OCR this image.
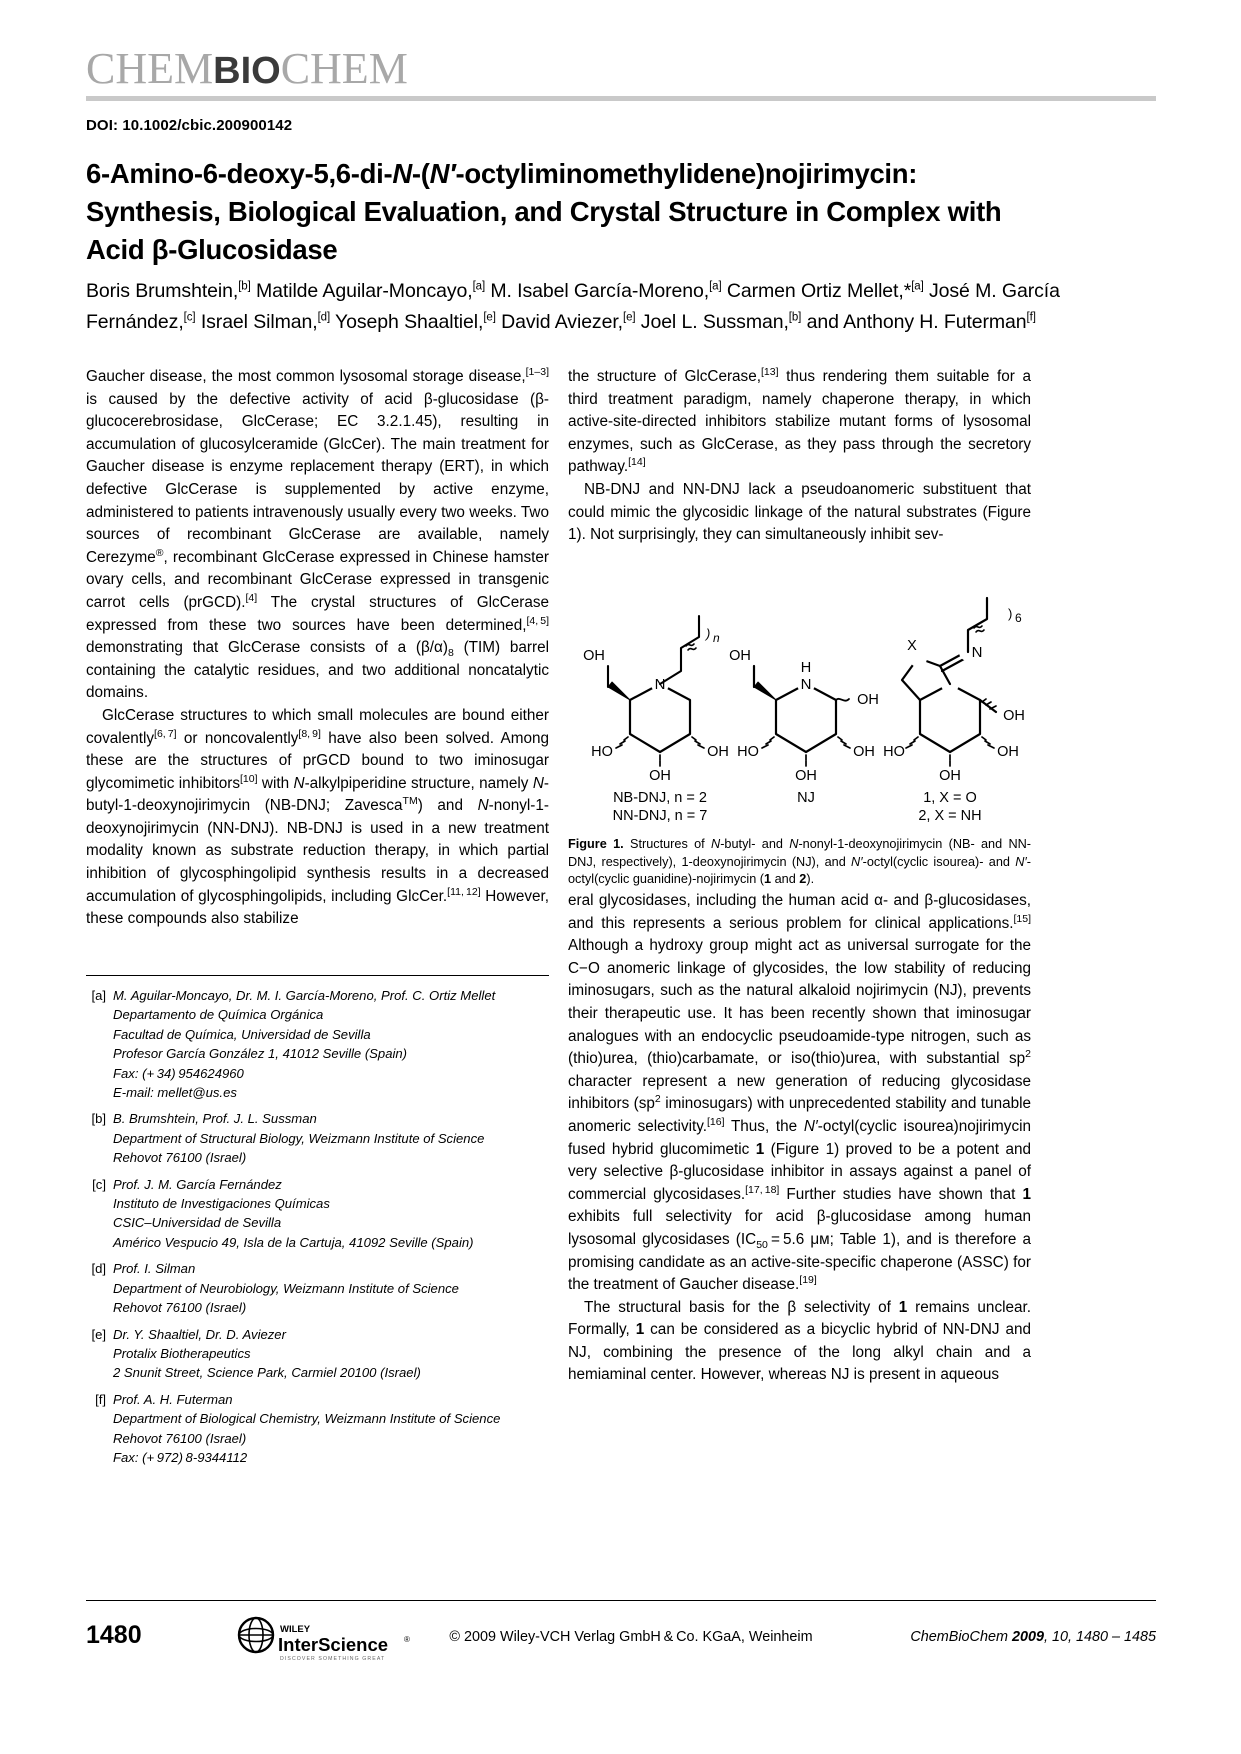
CHEMBIOCHEM
DOI: 10.1002/cbic.200900142
6-Amino-6-deoxy-5,6-di-N-(N′-octyliminomethylidene)nojirimycin:
Synthesis, Biological Evaluation, and Crystal Structure in Complex with
Acid β-Glucosidase
Boris Brumshtein,[b] Matilde Aguilar-Moncayo,[a] M. Isabel García-Moreno,[a] Carmen Ortiz Mellet,*[a] José M. García Fernández,[c] Israel Silman,[d] Yoseph Shaaltiel,[e] David Aviezer,[e] Joel L. Sussman,[b] and Anthony H. Futerman[f]

Gaucher disease, the most common lysosomal storage disease,[1–3] is caused by the defective activity of acid β-glucosidase (β-glucocerebrosidase, GlcCerase; EC 3.2.1.45), resulting in accumulation of glucosylceramide (GlcCer). The main treatment for Gaucher disease is enzyme replacement therapy (ERT), in which defective GlcCerase is supplemented by active enzyme, administered to patients intravenously usually every two weeks. Two sources of recombinant GlcCerase are available, namely Cerezyme®, recombinant GlcCerase expressed in Chinese hamster ovary cells, and recombinant GlcCerase expressed in transgenic carrot cells (prGCD).[4] The crystal structures of GlcCerase expressed from these two sources have been determined,[4, 5] demonstrating that GlcCerase consists of a $(\beta/\alpha)_8$ (TIM) barrel containing the catalytic residues, and two additional noncatalytic domains.

GlcCerase structures to which small molecules are bound either covalently[6, 7] or noncovalently[8, 9] have also been solved. Among these are the structures of prGCD bound to two iminosugar glycomimetic inhibitors[10] with N-alkylpiperidine structure, namely N-butyl-1-deoxynojirimycin (NB-DNJ; Zavesca™) and N-nonyl-1-deoxynojirimycin (NN-DNJ). NB-DNJ is used in a new treatment modality known as substrate reduction therapy, in which partial inhibition of glycosphingolipid synthesis results in a decreased accumulation of glycosphingolipids, including GlcCer.[11, 12] However, these compounds also stabilize

[a] M. Aguilar-Moncayo, Dr. M. I. García-Moreno, Prof. C. Ortiz Mellet
Departamento de Química Orgánica
Facultad de Química, Universidad de Sevilla
Profesor García González 1, 41012 Seville (Spain)
Fax: (+ 34) 954624960
E-mail: mellet@us.es
[b] B. Brumshtein, Prof. J. L. Sussman
Department of Structural Biology, Weizmann Institute of Science
Rehovot 76100 (Israel)
[c] Prof. J. M. García Fernández
Instituto de Investigaciones Químicas
CSIC–Universidad de Sevilla
Américo Vespucio 49, Isla de la Cartuja, 41092 Seville (Spain)
[d] Prof. I. Silman
Department of Neurobiology, Weizmann Institute of Science
Rehovot 76100 (Israel)
[e] Dr. Y. Shaaltiel, Dr. D. Aviezer
Protalix Biotherapeutics
2 Snunit Street, Science Park, Carmiel 20100 (Israel)
[f] Prof. A. H. Futerman
Department of Biological Chemistry, Weizmann Institute of Science
Rehovot 76100 (Israel)
Fax: (+ 972) 8-9344112

the structure of GlcCerase,[13] thus rendering them suitable for a third treatment paradigm, namely chaperone therapy, in which active-site-directed inhibitors stabilize mutant forms of lysosomal enzymes, such as GlcCerase, as they pass through the secretory pathway.[14]

NB-DNJ and NN-DNJ lack a pseudoanomeric substituent that could mimic the glycosidic linkage of the natural substrates (Figure 1). Not surprisingly, they can simultaneously inhibit sev-

OH
N
HO	OH
OH
) n
NB-DNJ, n = 2
NN-DNJ, n = 7
OH
H
N
OH
HO	OH
OH
NJ
X	N
) 6
OH
HO	OH
OH
1, X = O
2, X = NH
Figure 1. Structures of N-butyl- and N-nonyl-1-deoxynojirimycin (NB- and NN-DNJ, respectively), 1-deoxynojirimycin (NJ), and N′-octyl(cyclic isourea)- and N′-octyl(cyclic guanidine)-nojirimycin (1 and 2).

eral glycosidases, including the human acid α- and β-glucosidases, and this represents a serious problem for clinical applications.[15] Although a hydroxy group might act as universal surrogate for the C−O anomeric linkage of glycosides, the low stability of reducing iminosugars, such as the natural alkaloid nojirimycin (NJ), prevents their therapeutic use. It has been recently shown that iminosugar analogues with an endocyclic pseudoamide-type nitrogen, such as (thio)urea, (thio)carbamate, or iso(thio)urea, with substantial $sp^2$ character represent a new generation of reducing glycosidase inhibitors ($sp^2$ iminosugars) with unprecedented stability and tunable anomeric selectivity.[16] Thus, the N′-octyl(cyclic isourea)nojirimycin fused hybrid glucomimetic 1 (Figure 1) proved to be a potent and very selective β-glucosidase inhibitor in assays against a panel of commercial glycosidases.[17, 18] Further studies have shown that 1 exhibits full selectivity for acid β-glucosidase among human lysosomal glycosidases ($IC_{50} = 5.6$ μᴍ; Table 1), and is therefore a promising candidate as an active-site-specific chaperone (ASSC) for the treatment of Gaucher disease.[19]

The structural basis for the β selectivity of 1 remains unclear. Formally, 1 can be considered as a bicyclic hybrid of NN-DNJ and NJ, combining the presence of the long alkyl chain and a hemiaminal center. However, whereas NJ is present in aqueous

1480	WILEY
InterScience ®
DISCOVER SOMETHING GREAT
© 2009 Wiley-VCH Verlag GmbH & Co. KGaA, Weinheim	ChemBioChem 2009, 10, 1480 – 1485
